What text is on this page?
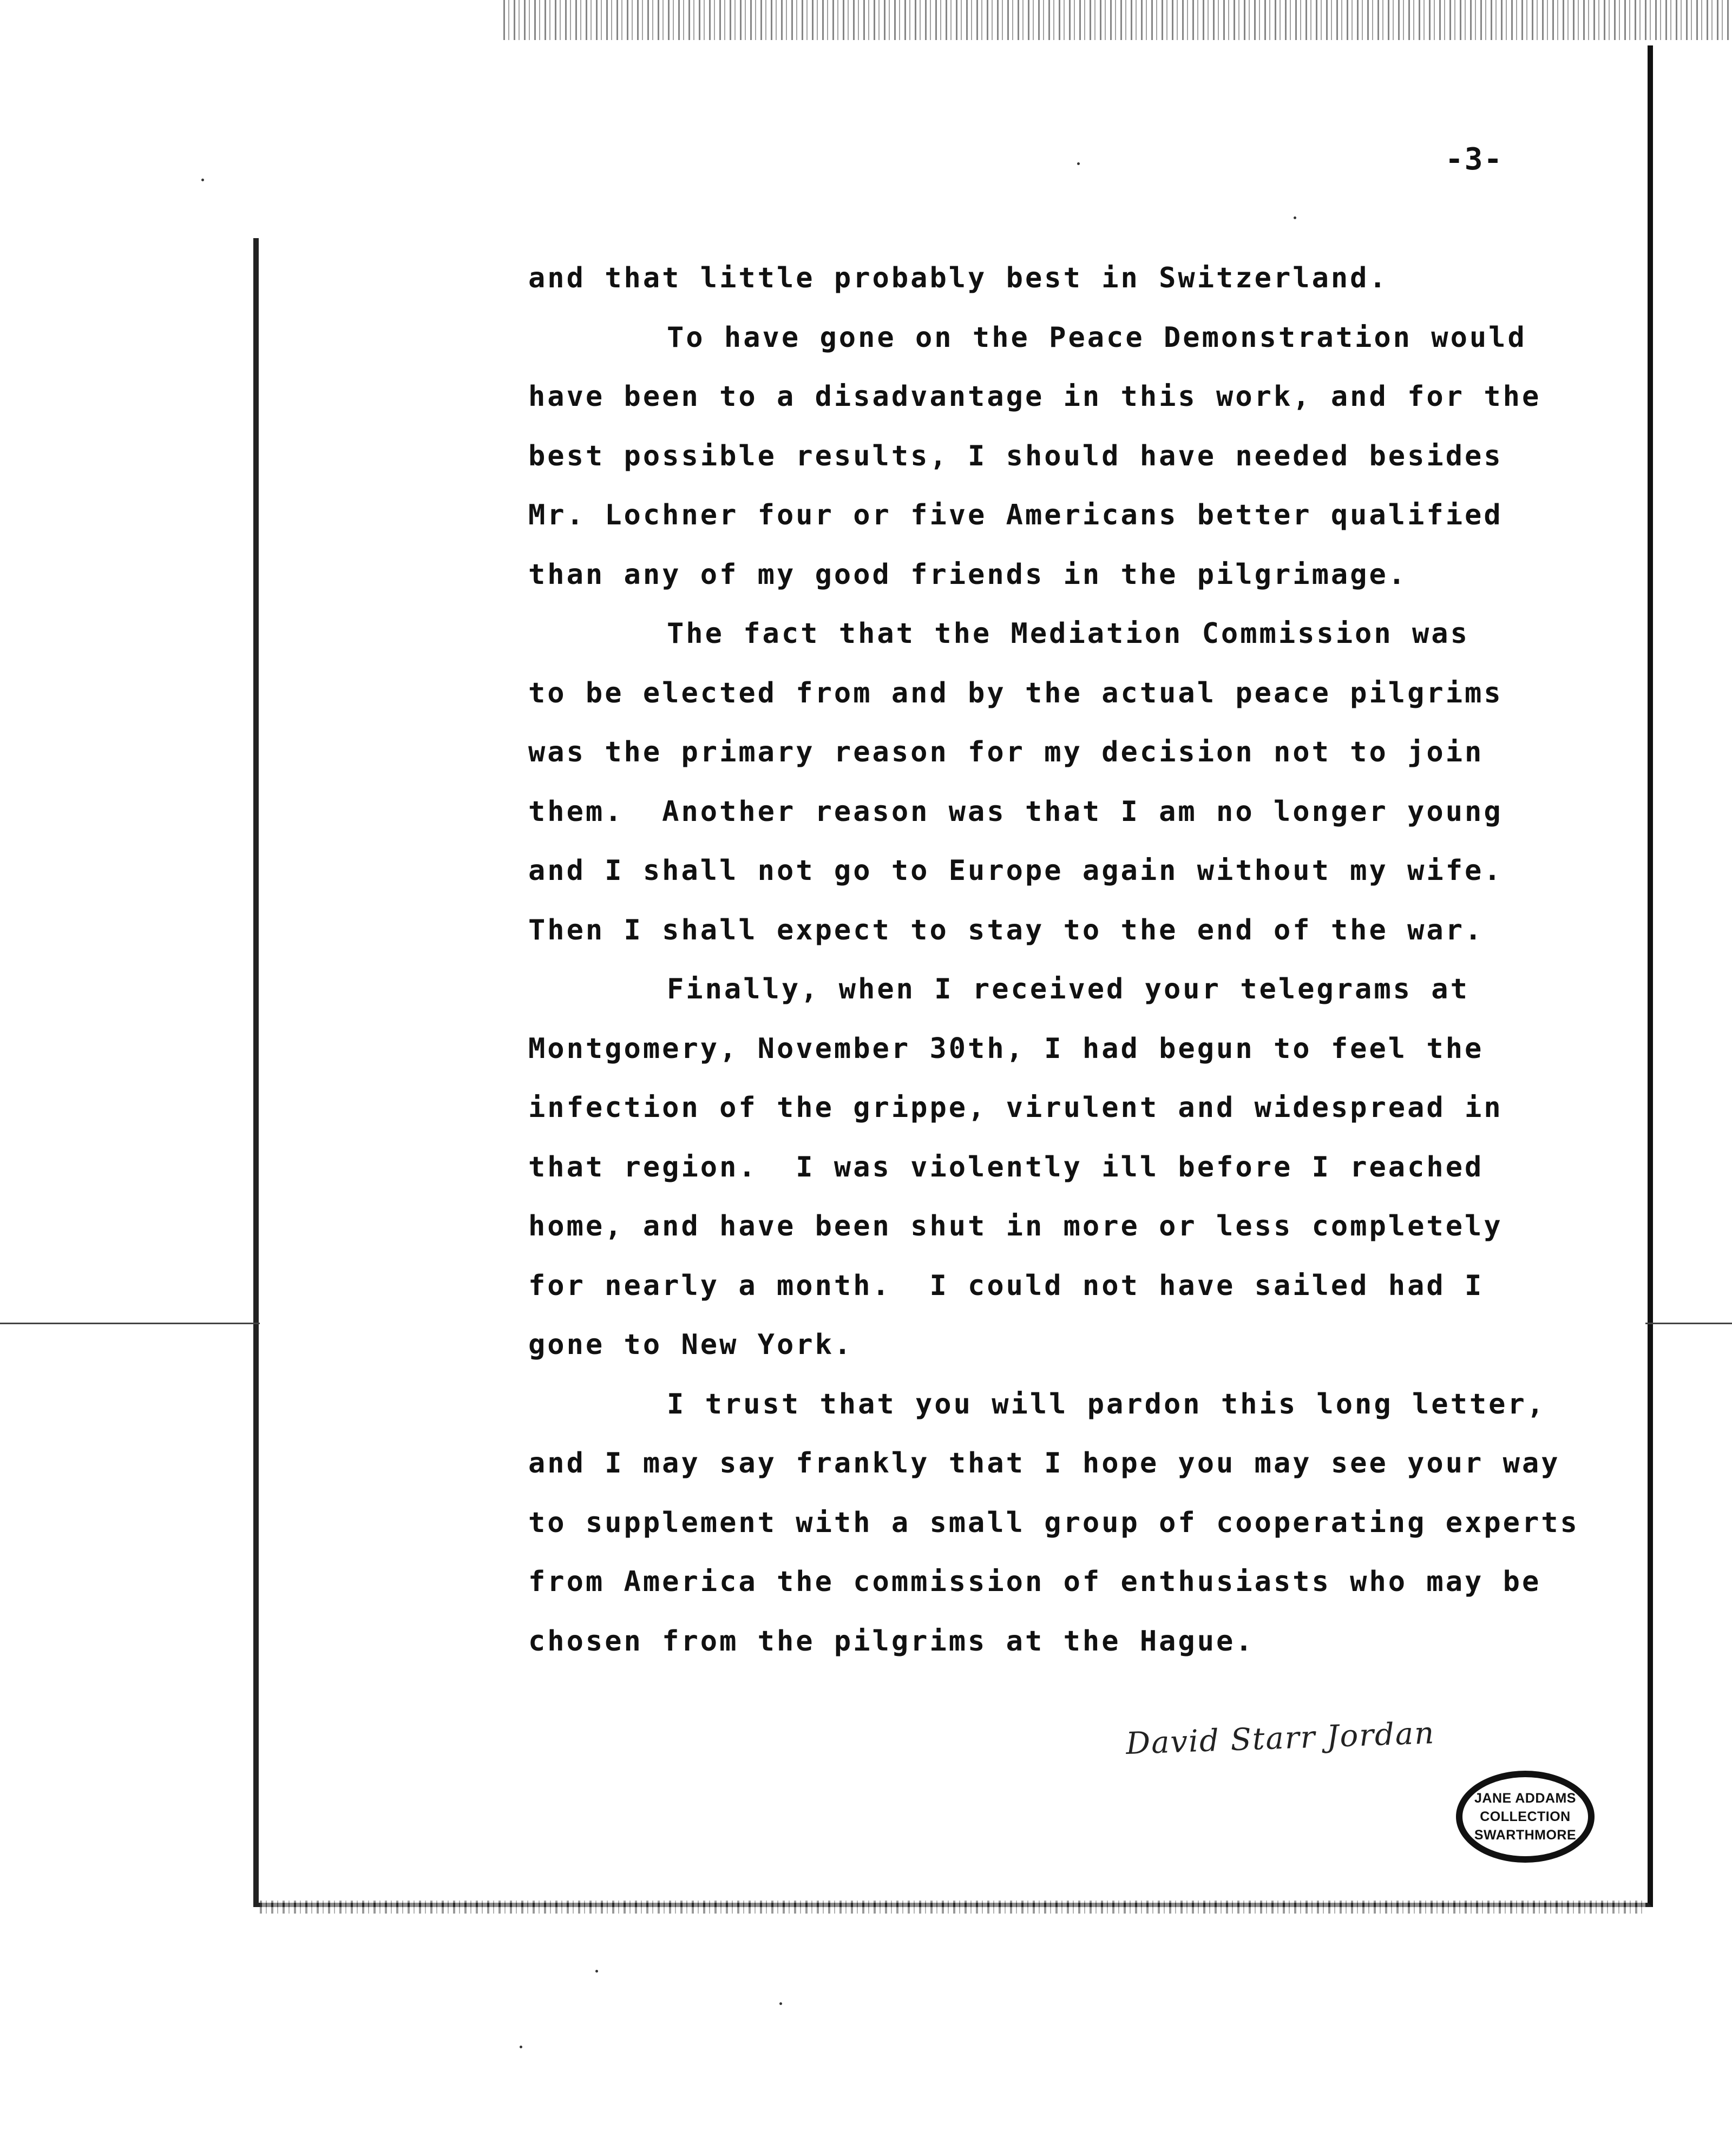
-3-
and that little probably best in Switzerland.
To have gone on the Peace Demonstration would
have been to a disadvantage in this work, and for the
best possible results, I should have needed besides
Mr. Lochner four or five Americans better qualified
than any of my good friends in the pilgrimage.
The fact that the Mediation Commission was
to be elected from and by the actual peace pilgrims
was the primary reason for my decision not to join
them.  Another reason was that I am no longer young
and I shall not go to Europe again without my wife.
Then I shall expect to stay to the end of the war.
Finally, when I received your telegrams at
Montgomery, November 30th, I had begun to feel the
infection of the grippe, virulent and widespread in
that region.  I was violently ill before I reached
home, and have been shut in more or less completely
for nearly a month.  I could not have sailed had I
gone to New York.
I trust that you will pardon this long letter,
and I may say frankly that I hope you may see your way
to supplement with a small group of cooperating experts
from America the commission of enthusiasts who may be
chosen from the pilgrims at the Hague.
David Starr Jordan
JANE ADDAMS
COLLECTION
SWARTHMORE
